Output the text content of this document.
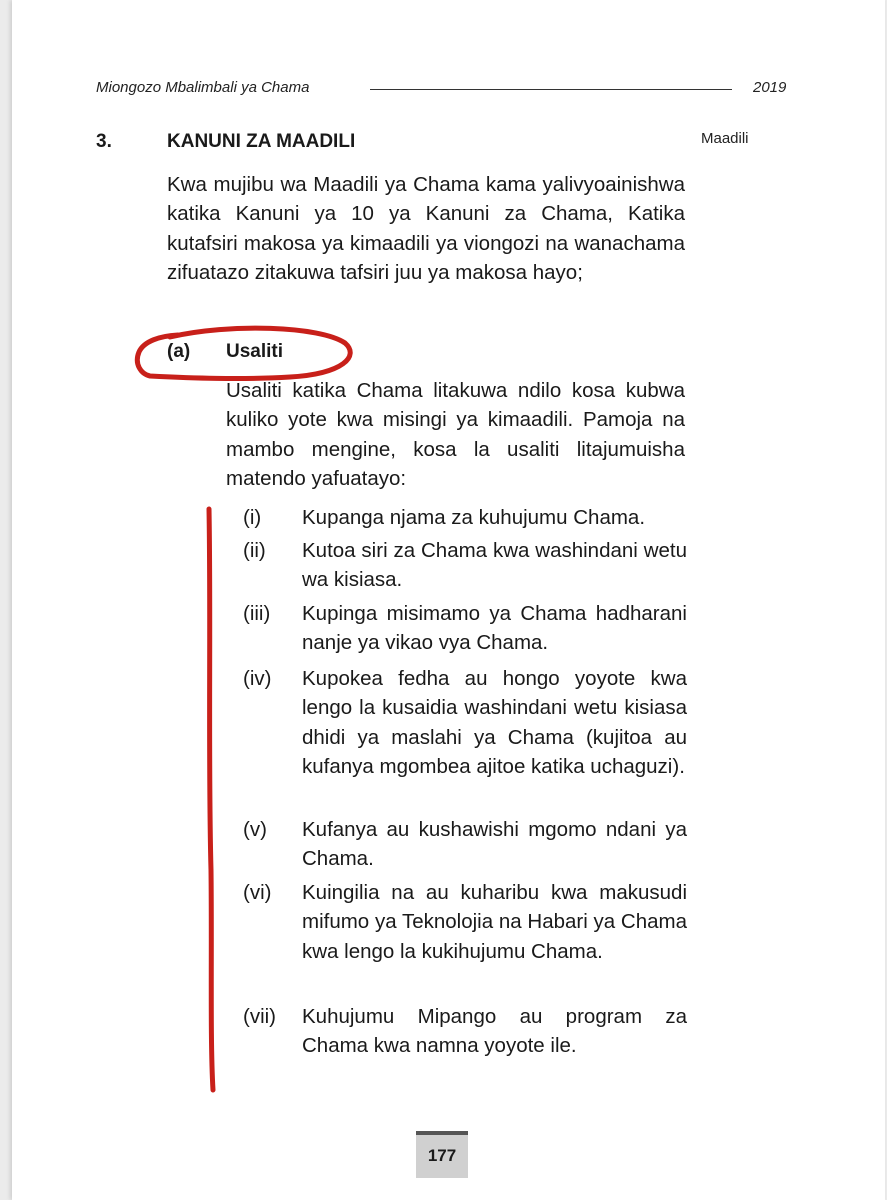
Miongozo Mbalimbali ya Chama	2019
3.	KANUNI ZA MAADILI	Maadili

Kwa mujibu wa Maadili ya Chama kama yalivyoainishwa katika Kanuni ya 10 ya Kanuni za Chama, Katika kutafsiri makosa ya kimaadili ya viongozi na wanachama zifuatazo zitakuwa tafsiri juu ya makosa hayo;

(a) Usaliti

Usaliti katika Chama litakuwa ndilo kosa kubwa kuliko yote kwa misingi ya kimaadili. Pamoja na mambo mengine, kosa la usaliti litajumuisha matendo yafuatayo:

(i) Kupanga njama za kuhujumu Chama.
(ii) Kutoa siri za Chama kwa washindani wetu wa kisiasa.
(iii) Kupinga misimamo ya Chama hadharani nanje ya vikao vya Chama.
(iv) Kupokea fedha au hongo yoyote kwa lengo la kusaidia washindani wetu kisiasa dhidi ya maslahi ya Chama (kujitoa au kufanya mgombea ajitoe katika uchaguzi).
(v) Kufanya au kushawishi mgomo ndani ya Chama.
(vi) Kuingilia na au kuharibu kwa makusudi mifumo ya Teknolojia na Habari ya Chama kwa lengo la kukihujumu Chama.
(vii) Kuhujumu Mipango au program za Chama kwa namna yoyote ile.
177
